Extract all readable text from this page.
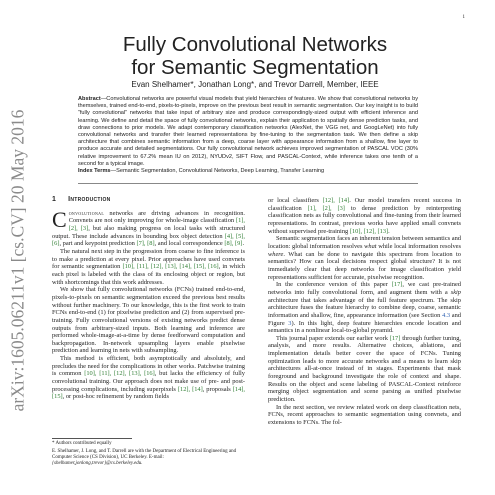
1
arXiv:1605.06211v1 [cs.CV] 20 May 2016
Fully Convolutional Networks
for Semantic Segmentation
Evan Shelhamer*, Jonathan Long*, and Trevor Darrell, Member, IEEE
Abstract—Convolutional networks are powerful visual models that yield hierarchies of features. We show that convolutional networks by themselves, trained end-to-end, pixels-to-pixels, improve on the previous best result in semantic segmentation. Our key insight is to build “fully convolutional” networks that take input of arbitrary size and produce correspondingly-sized output with efficient inference and learning. We define and detail the space of fully convolutional networks, explain their application to spatially dense prediction tasks, and draw connections to prior models. We adapt contemporary classification networks (AlexNet, the VGG net, and GoogLeNet) into fully convolutional networks and transfer their learned representations by fine-tuning to the segmentation task. We then define a skip architecture that combines semantic information from a deep, coarse layer with appearance information from a shallow, fine layer to produce accurate and detailed segmentations. Our fully convolutional network achieves improved segmentation of PASCAL VOC (30% relative improvement to 67.2% mean IU on 2012), NYUDv2, SIFT Flow, and PASCAL-Context, while inference takes one tenth of a second for a typical image.
Index Terms—Semantic Segmentation, Convolutional Networks, Deep Learning, Transfer Learning
1 Introduction

Convolutional networks are driving advances in recognition. Convnets are not only improving for whole-image classification [1], [2], [3], but also making progress on local tasks with structured output. These include advances in bounding box object detection [4], [5], [6], part and keypoint prediction [7], [8], and local correspondence [8], [9].

The natural next step in the progression from coarse to fine inference is to make a prediction at every pixel. Prior approaches have used convnets for semantic segmentation [10], [11], [12], [13], [14], [15], [16], in which each pixel is labeled with the class of its enclosing object or region, but with shortcomings that this work addresses.

We show that fully convolutional networks (FCNs) trained end-to-end, pixels-to-pixels on semantic segmentation exceed the previous best results without further machinery. To our knowledge, this is the first work to train FCNs end-to-end (1) for pixelwise prediction and (2) from supervised pre-training. Fully convolutional versions of existing networks predict dense outputs from arbitrary-sized inputs. Both learning and inference are performed whole-image-at-a-time by dense feedforward computation and backpropagation. In-network upsampling layers enable pixelwise prediction and learning in nets with subsampling.

This method is efficient, both asymptotically and absolutely, and precludes the need for the complications in other works. Patchwise training is common [10], [11], [12], [13], [16], but lacks the efficiency of fully convolutional training. Our approach does not make use of pre- and post-processing complications, including superpixels [12], [14], proposals [14], [15], or post-hoc refinement by random fields

or local classifiers [12], [14]. Our model transfers recent success in classification [1], [2], [3] to dense prediction by reinterpreting classification nets as fully convolutional and fine-tuning from their learned representations. In contrast, previous works have applied small convnets without supervised pre-training [10], [12], [13].

Semantic segmentation faces an inherent tension between semantics and location: global information resolves what while local information resolves where. What can be done to navigate this spectrum from location to semantics? How can local decisions respect global structure? It is not immediately clear that deep networks for image classification yield representations sufficient for accurate, pixelwise recognition.

In the conference version of this paper [17], we cast pre-trained networks into fully convolutional form, and augment them with a skip architecture that takes advantage of the full feature spectrum. The skip architecture fuses the feature hierarchy to combine deep, coarse, semantic information and shallow, fine, appearance information (see Section 4.3 and Figure 3). In this light, deep feature hierarchies encode location and semantics in a nonlinear local-to-global pyramid.

This journal paper extends our earlier work [17] through further tuning, analysis, and more results. Alternative choices, ablations, and implementation details better cover the space of FCNs. Tuning optimization leads to more accurate networks and a means to learn skip architectures all-at-once instead of in stages. Experiments that mask foreground and background investigate the role of context and shape. Results on the object and scene labeling of PASCAL-Context reinforce merging object segmentation and scene parsing as unified pixelwise prediction.

In the next section, we review related work on deep classification nets, FCNs, recent approaches to semantic segmentation using convnets, and extensions to FCNs. The fol-

* Authors contributed equally
E. Shelhamer, J. Long, and T. Darrell are with the Department of Electrical Engineering and Computer Science (CS Division), UC Berkeley. E-mail: {shelhamer,jonlong,trevor}@cs.berkeley.edu.
